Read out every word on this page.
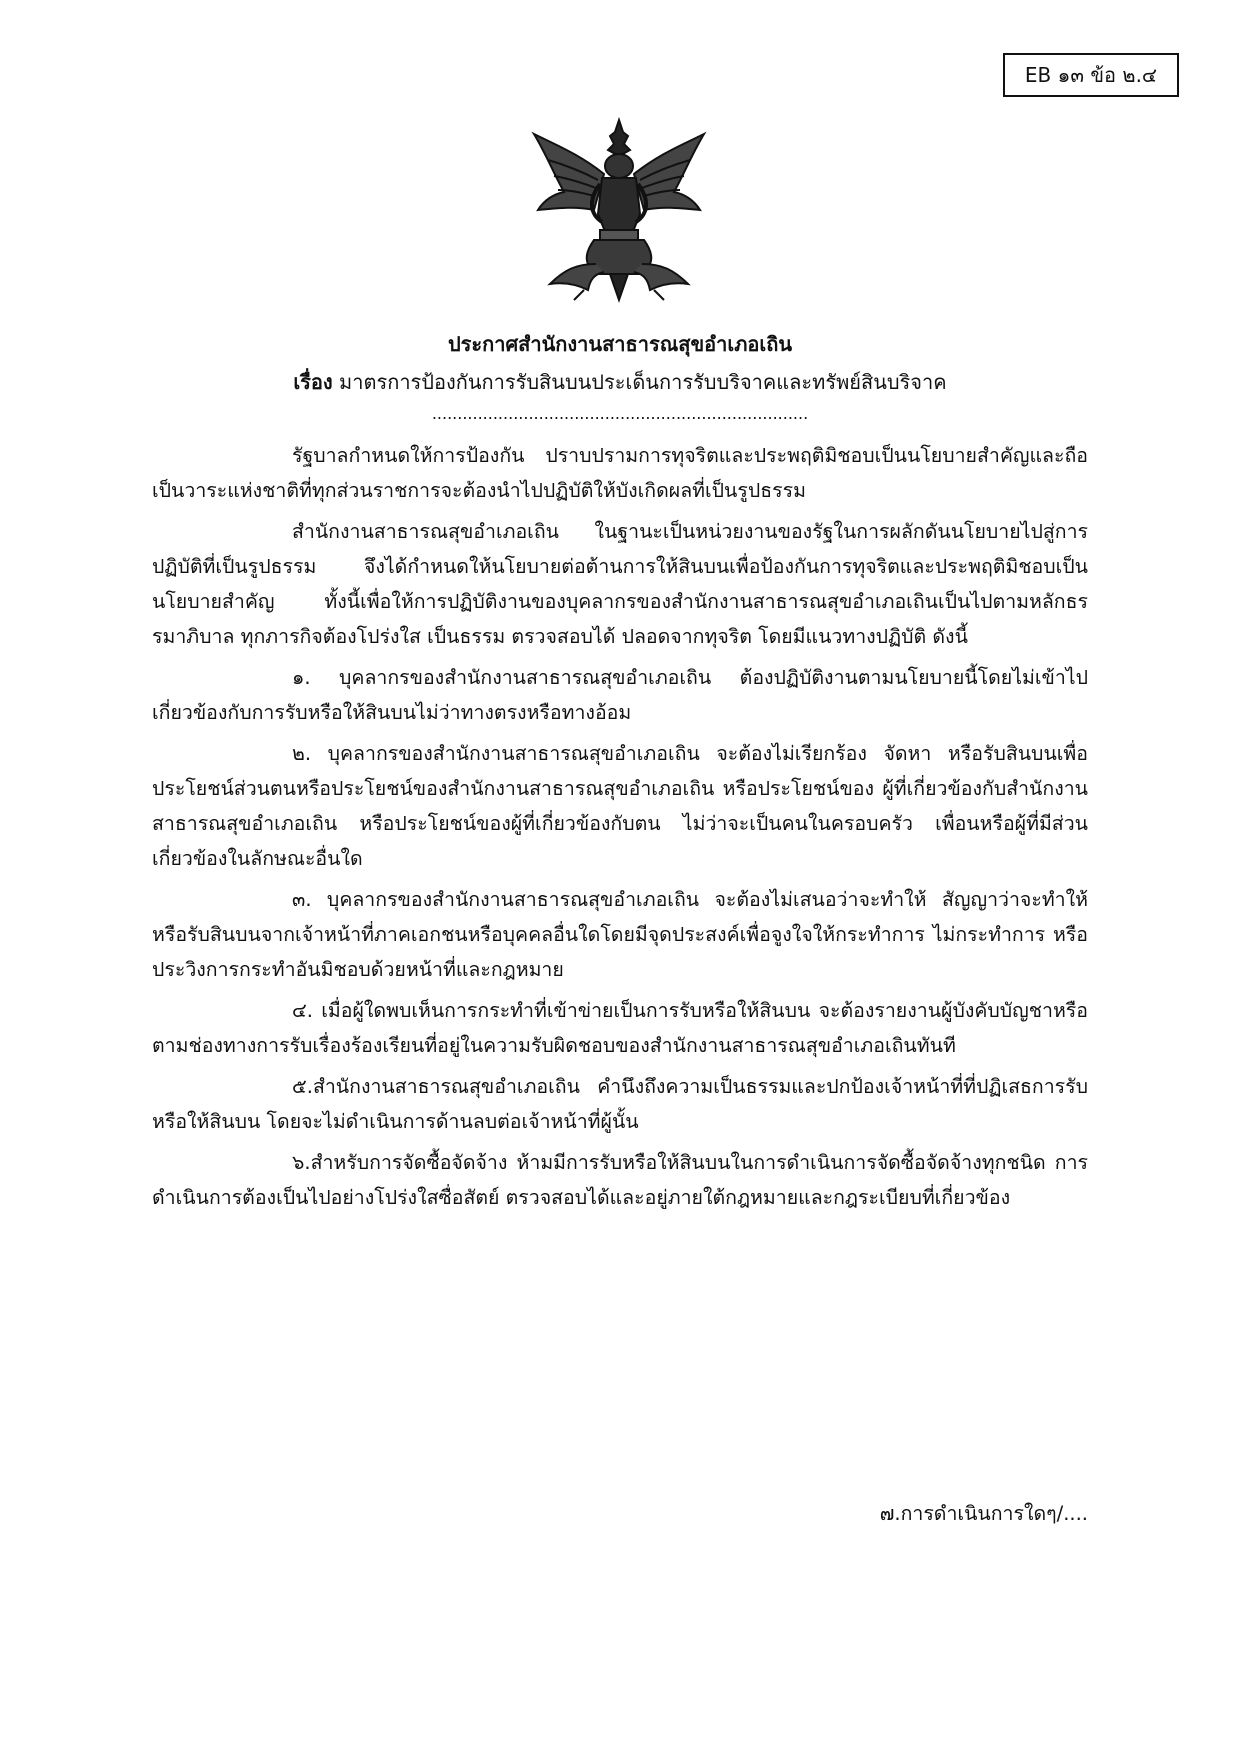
EB ๑๓ ข้อ ๒.๔
ประกาศสำนักงานสาธารณสุขอำเภอเถิน
เรื่อง มาตรการป้องกันการรับสินบนประเด็นการรับบริจาคและทรัพย์สินบริจาค
..........................................................................

รัฐบาลกำหนดให้การป้องกัน ปราบปรามการทุจริตและประพฤติมิชอบเป็นนโยบายสำคัญและถือเป็นวาระแห่งชาติที่ทุกส่วนราชการจะต้องนำไปปฏิบัติให้บังเกิดผลที่เป็นรูปธรรม

สำนักงานสาธารณสุขอำเภอเถิน ในฐานะเป็นหน่วยงานของรัฐในการผลักดันนโยบายไปสู่การปฏิบัติที่เป็นรูปธรรม จึงได้กำหนดให้นโยบายต่อต้านการให้สินบนเพื่อป้องกันการทุจริตและประพฤติมิชอบเป็นนโยบายสำคัญ ทั้งนี้เพื่อให้การปฏิบัติงานของบุคลากรของสำนักงานสาธารณสุขอำเภอเถินเป็นไปตามหลักธรรมาภิบาล ทุกภารกิจต้องโปร่งใส เป็นธรรม ตรวจสอบได้ ปลอดจากทุจริต โดยมีแนวทางปฏิบัติ ดังนี้

๑. บุคลากรของสำนักงานสาธารณสุขอำเภอเถิน ต้องปฏิบัติงานตามนโยบายนี้โดยไม่เข้าไปเกี่ยวข้องกับการรับหรือให้สินบนไม่ว่าทางตรงหรือทางอ้อม

๒. บุคลากรของสำนักงานสาธารณสุขอำเภอเถิน จะต้องไม่เรียกร้อง จัดหา หรือรับสินบนเพื่อประโยชน์ส่วนตนหรือประโยชน์ของสำนักงานสาธารณสุขอำเภอเถิน หรือประโยชน์ของ ผู้ที่เกี่ยวข้องกับสำนักงานสาธารณสุขอำเภอเถิน หรือประโยชน์ของผู้ที่เกี่ยวข้องกับตน ไม่ว่าจะเป็นคนในครอบครัว เพื่อนหรือผู้ที่มีส่วนเกี่ยวข้องในลักษณะอื่นใด

๓. บุคลากรของสำนักงานสาธารณสุขอำเภอเถิน จะต้องไม่เสนอว่าจะทำให้ สัญญาว่าจะทำให้หรือรับสินบนจากเจ้าหน้าที่ภาคเอกชนหรือบุคคลอื่นใดโดยมีจุดประสงค์เพื่อจูงใจให้กระทำการ ไม่กระทำการ หรือประวิงการกระทำอันมิชอบด้วยหน้าที่และกฎหมาย

๔. เมื่อผู้ใดพบเห็นการกระทำที่เข้าข่ายเป็นการรับหรือให้สินบน จะต้องรายงานผู้บังคับบัญชาหรือตามช่องทางการรับเรื่องร้องเรียนที่อยู่ในความรับผิดชอบของสำนักงานสาธารณสุขอำเภอเถินทันที

๕.สำนักงานสาธารณสุขอำเภอเถิน คำนึงถึงความเป็นธรรมและปกป้องเจ้าหน้าที่ที่ปฏิเสธการรับหรือให้สินบน โดยจะไม่ดำเนินการด้านลบต่อเจ้าหน้าที่ผู้นั้น

๖.สำหรับการจัดซื้อจัดจ้าง ห้ามมีการรับหรือให้สินบนในการดำเนินการจัดซื้อจัดจ้างทุกชนิด การดำเนินการต้องเป็นไปอย่างโปร่งใสซื่อสัตย์ ตรวจสอบได้และอยู่ภายใต้กฎหมายและกฎระเบียบที่เกี่ยวข้อง

๗.การดำเนินการใดๆ/....
